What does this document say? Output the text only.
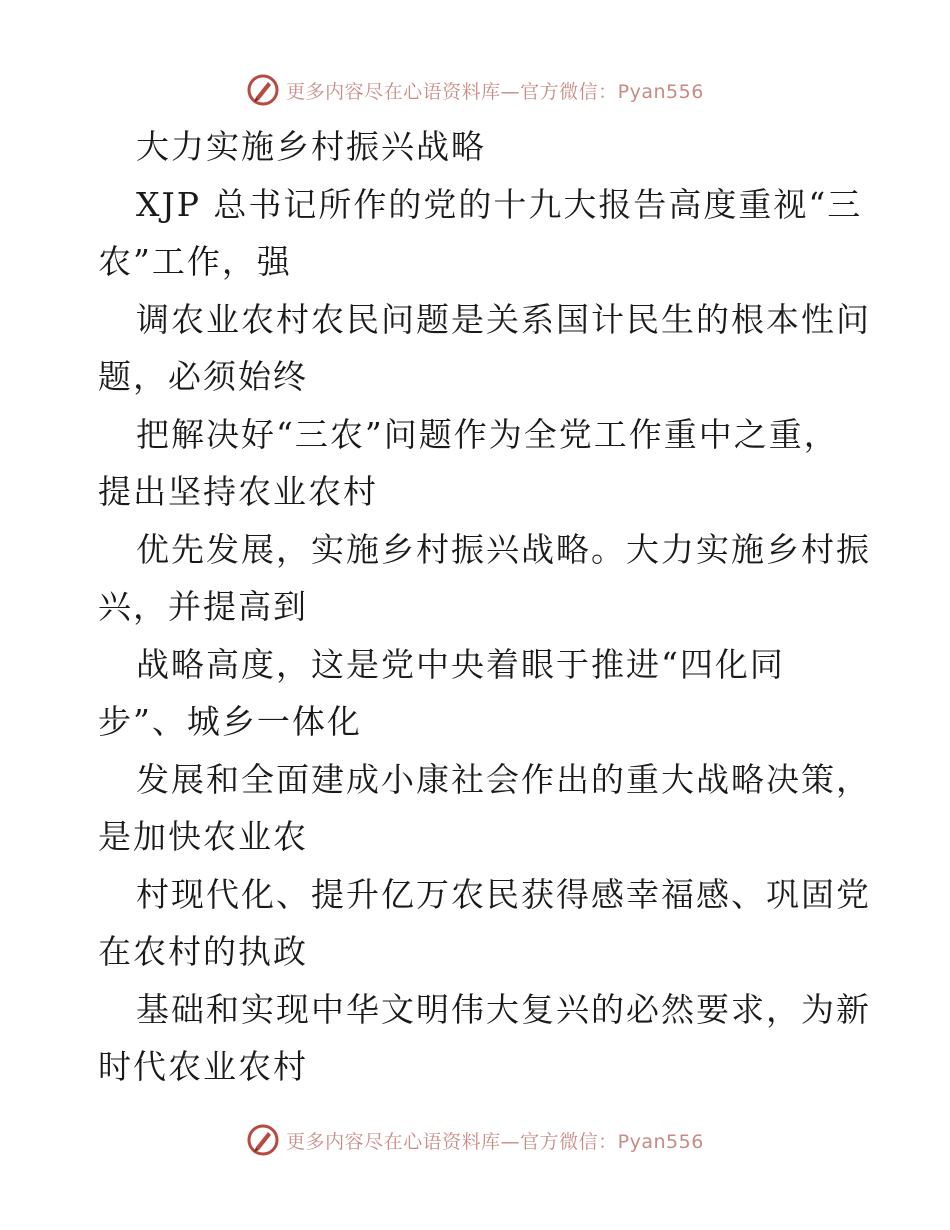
更多内容尽在心语资料库—官方微信：Pyan556
大力实施乡村振兴战略
XJP 总书记所作的党的十九大报告高度重视“三
农”工作，强
调农业农村农民问题是关系国计民生的根本性问
题，必须始终
把解决好“三农”问题作为全党工作重中之重，
提出坚持农业农村
优先发展，实施乡村振兴战略。大力实施乡村振
兴，并提高到
战略高度，这是党中央着眼于推进“四化同
步”、城乡一体化
发展和全面建成小康社会作出的重大战略决策，
是加快农业农
村现代化、提升亿万农民获得感幸福感、巩固党
在农村的执政
基础和实现中华文明伟大复兴的必然要求，为新
时代农业农村
更多内容尽在心语资料库—官方微信：Pyan556
